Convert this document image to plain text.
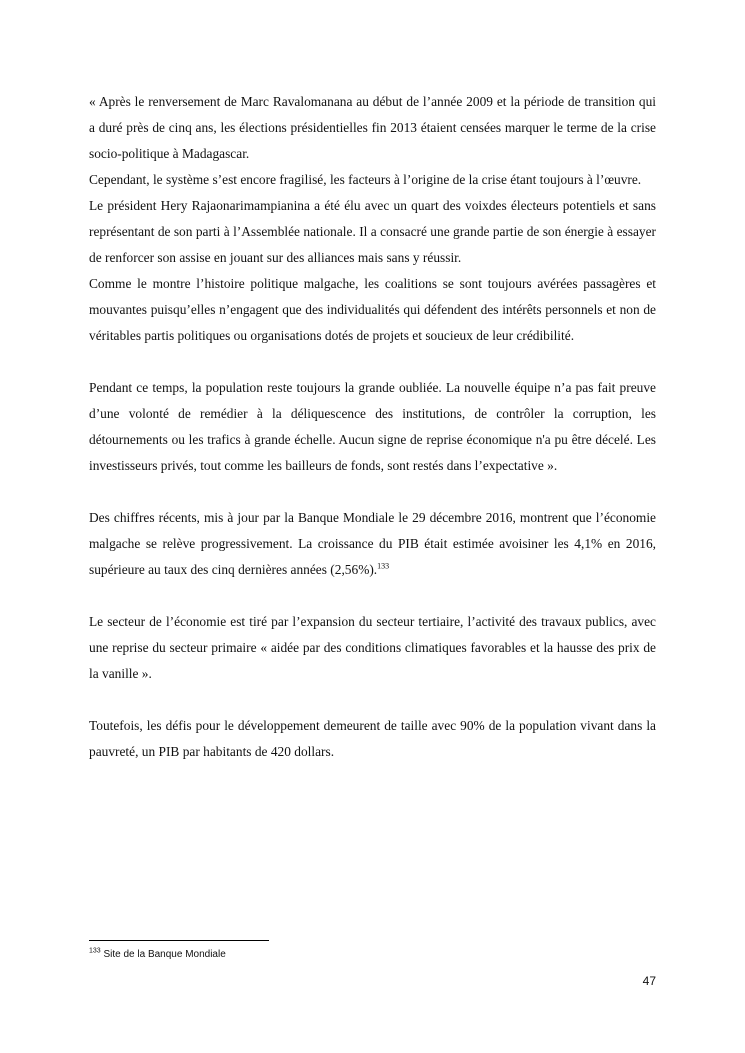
« Après le renversement de Marc Ravalomanana au début de l’année 2009 et la période de transition qui a duré près de cinq ans, les élections présidentielles fin 2013 étaient censées marquer le terme de la crise socio-politique à Madagascar.

Cependant, le système s’est encore fragilisé, les facteurs à l’origine de la crise étant toujours à l’œuvre.

Le président Hery Rajaonarimampianina a été élu avec un quart des voixdes électeurs potentiels et sans représentant de son parti à l’Assemblée nationale. Il a consacré une grande partie de son énergie à essayer de renforcer son assise en jouant sur des alliances mais sans y réussir.

Comme le montre l’histoire politique malgache, les coalitions se sont toujours avérées passagères et mouvantes puisqu’elles n’engagent que des individualités qui défendent des intérêts personnels et non de véritables partis politiques ou organisations dotés de projets et soucieux de leur crédibilité.

Pendant ce temps, la population reste toujours la grande oubliée. La nouvelle équipe n’a pas fait preuve d’une volonté de remédier à la déliquescence des institutions, de contrôler la corruption, les détournements ou les trafics à grande échelle. Aucun signe de reprise économique n'a pu être décelé. Les investisseurs privés, tout comme les bailleurs de fonds, sont restés dans l’expectative ».

Des chiffres récents, mis à jour par la Banque Mondiale le 29 décembre 2016, montrent que l’économie malgache se relève progressivement. La croissance du PIB était estimée avoisiner les 4,1% en 2016, supérieure au taux des cinq dernières années (2,56%).$^{133}$

Le secteur de l’économie est tiré par l’expansion du secteur tertiaire, l’activité des travaux publics, avec une reprise du secteur primaire « aidée par des conditions climatiques favorables et la hausse des prix de la vanille ».

Toutefois, les défis pour le développement demeurent de taille avec 90% de la population vivant dans la pauvreté, un PIB par habitants de 420 dollars.

$^{133}$ Site de la Banque Mondiale
47
